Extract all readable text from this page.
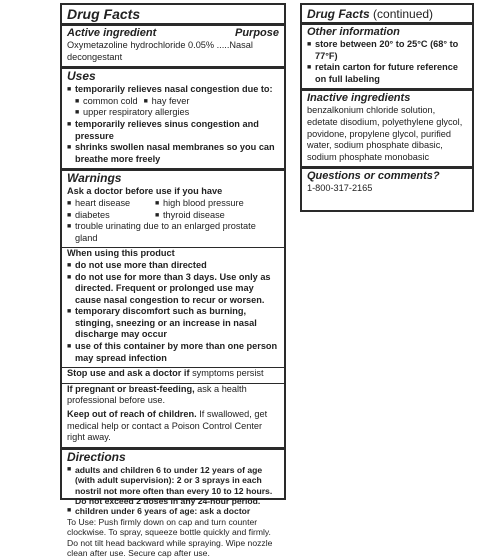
Drug Facts
Active ingredient	Purpose
Oxymetazoline hydrochloride 0.05% .....Nasal decongestant
Uses
■ temporarily relieves nasal congestion due to:
■ common cold	■ hay fever
■ upper respiratory allergies
■ temporarily relieves sinus congestion and pressure
■ shrinks swollen nasal membranes so you can breathe more freely
Warnings
Ask a doctor before use if you have
■ heart disease	■ high blood pressure
■ diabetes	■ thyroid disease
■ trouble urinating due to an enlarged prostate gland
When using this product
■ do not use more than directed
■ do not use for more than 3 days. Use only as directed. Frequent or prolonged use may cause nasal congestion to recur or worsen.
■ temporary discomfort such as burning, stinging, sneezing or an increase in nasal discharge may occur
■ use of this container by more than one person may spread infection
Stop use and ask a doctor if symptoms persist
If pregnant or breast-feeding, ask a health professional before use.
Keep out of reach of children. If swallowed, get medical help or contact a Poison Control Center right away.
Directions
■ adults and children 6 to under 12 years of age (with adult supervision): 2 or 3 sprays in each nostril not more often than every 10 to 12 hours. Do not exceed 2 doses in any 24-hour period.
■ children under 6 years of age: ask a doctor
To Use: Push firmly down on cap and turn counter clockwise. To spray, squeeze bottle quickly and firmly. Do not tilt head backward while spraying. Wipe nozzle clean after use. Secure cap after use.
Drug Facts (continued)
Other information
■ store between 20° to 25°C (68° to 77°F)
■ retain carton for future reference on full labeling
Inactive ingredients
benzalkonium chloride solution, edetate disodium, polyethylene glycol, povidone, propylene glycol, purified water, sodium phosphate dibasic, sodium phosphate monobasic
Questions or comments?
1-800-317-2165
